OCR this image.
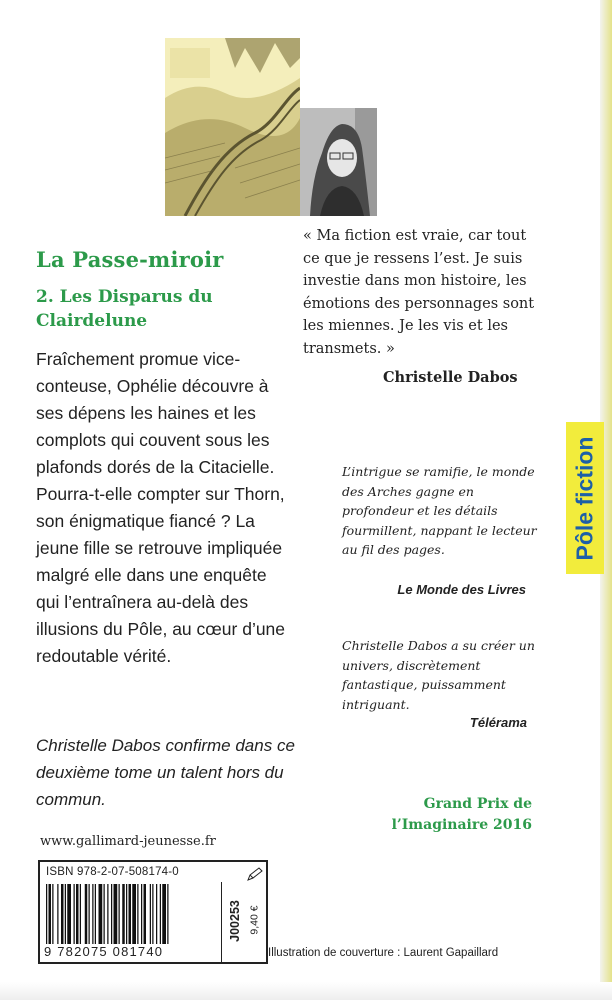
La Passe-miroir
2. Les Disparus du Clairdelune

Fraîchement promue vice-conteuse, Ophélie découvre à ses dépens les haines et les complots qui couvent sous les plafonds dorés de la Citacielle. Pourra-t-elle compter sur Thorn, son énigmatique fiancé ? La jeune fille se retrouve impliquée malgré elle dans une enquête qui l’entraînera au-delà des illusions du Pôle, au cœur d’une redoutable vérité.

Christelle Dabos confirme dans ce deuxième tome un talent hors du commun.

www.gallimard-jeunesse.fr

« Ma fiction est vraie, car tout ce que je ressens l’est. Je suis investie dans mon histoire, les émotions des personnages sont les miennes. Je les vis et les transmets. »

Christelle Dabos

L’intrigue se ramifie, le monde des Arches gagne en profondeur et les détails fourmillent, nappant le lecteur au fil des pages.

Le Monde des Livres

Christelle Dabos a su créer un univers, discrètement fantastique, puissamment intriguant.

Télérama

Grand Prix de l’Imaginaire 2016

Pôle fiction
ISBN 978-2-07-508174-0
9 782075 081740
J00253 9,40 €
Illustration de couverture : Laurent Gapaillard
